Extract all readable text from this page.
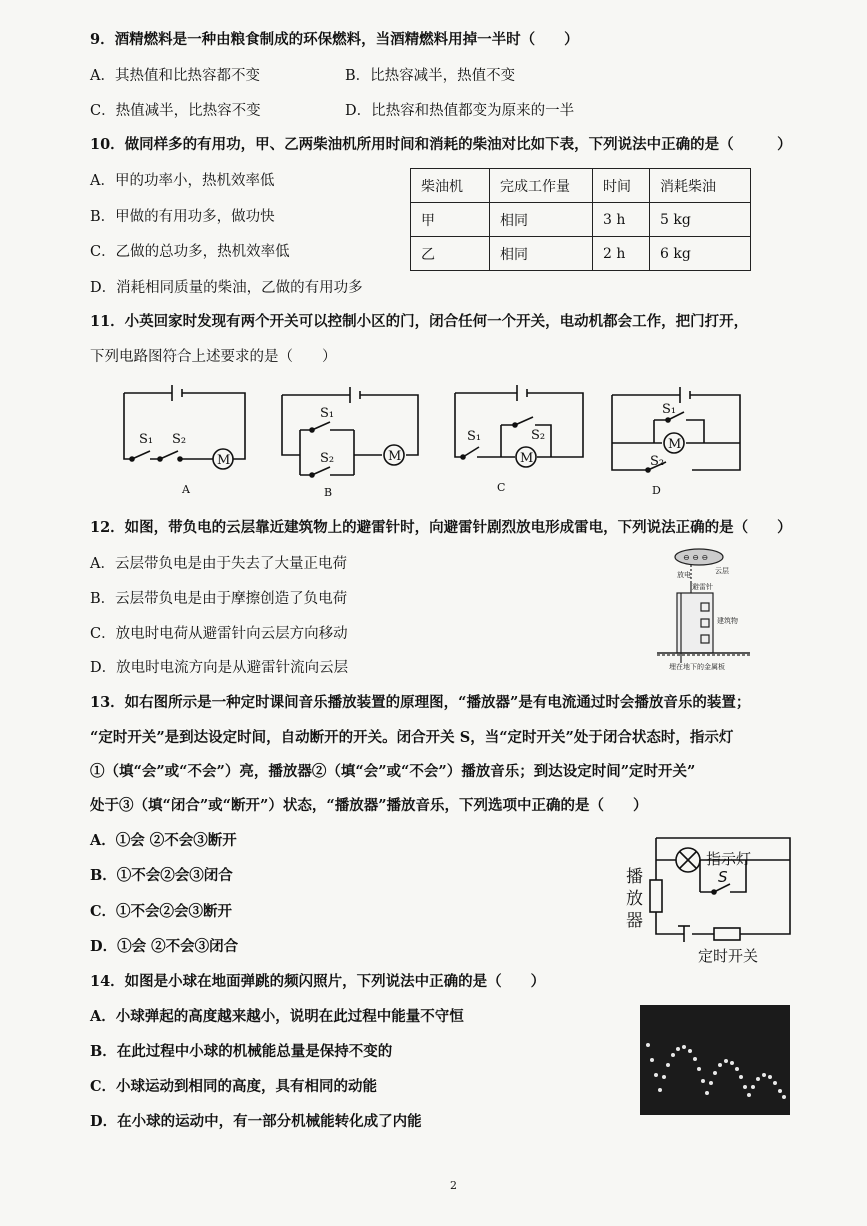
9．酒精燃料是一种由粮食制成的环保燃料，当酒精燃料用掉一半时（　　）
A．其热值和比热容都不变	B．比热容减半，热值不变
C．热值减半，比热容不变	D．比热容和热值都变为原来的一半
10．做同样多的有用功，甲、乙两柴油机所用时间和消耗的柴油对比如下表，下列说法中正确的是（　　　）
A．甲的功率小，热机效率低
B．甲做的有用功多，做功快
C．乙做的总功多，热机效率低
D．消耗相同质量的柴油，乙做的有用功多
柴油机	完成工作量	时间	消耗柴油
甲	相同	3 h	5 kg
乙	相同	2 h	6 kg
11．小英回家时发现有两个开关可以控制小区的门，闭合任何一个开关，电动机都会工作，把门打开，
下列电路图符合上述要求的是（　　）
S₁ S₂
M
A
S₁
S₂	M
B
S₁	S₂
M
C
S₁
S₂
M
D
12．如图，带负电的云层靠近建筑物上的避雷针时，向避雷针剧烈放电形成雷电，下列说法正确的是（　　）
A．云层带负电是由于失去了大量正电荷
B．云层带负电是由于摩擦创造了负电荷
C．放电时电荷从避雷针向云层方向移动
D．放电时电流方向是从避雷针流向云层
⊖ ⊖ ⊖
放电	云层
避雷针
建筑物
埋在地下的金属板
13．如右图所示是一种定时课间音乐播放装置的原理图，“播放器”是有电流通过时会播放音乐的装置；
“定时开关”是到达设定时间，自动断开的开关。闭合开关 S，当“定时开关”处于闭合状态时，指示灯
①（填“会”或“不会”）亮，播放器②（填“会”或“不会”）播放音乐；到达设定时间”定时开关”
处于③（填“闭合”或“断开”）状态，“播放器”播放音乐，下列选项中正确的是（　　）
A．①会 ②不会③断开
B．①不会②会③闭合
C．①不会②会③断开
D．①会 ②不会③闭合
指示灯
S
定时开关
播放器
14．如图是小球在地面弹跳的频闪照片，下列说法中正确的是（　　）
A．小球弹起的高度越来越小，说明在此过程中能量不守恒
B．在此过程中小球的机械能总量是保持不变的
C．小球运动到相同的高度，具有相同的动能
D．在小球的运动中，有一部分机械能转化成了内能
2
